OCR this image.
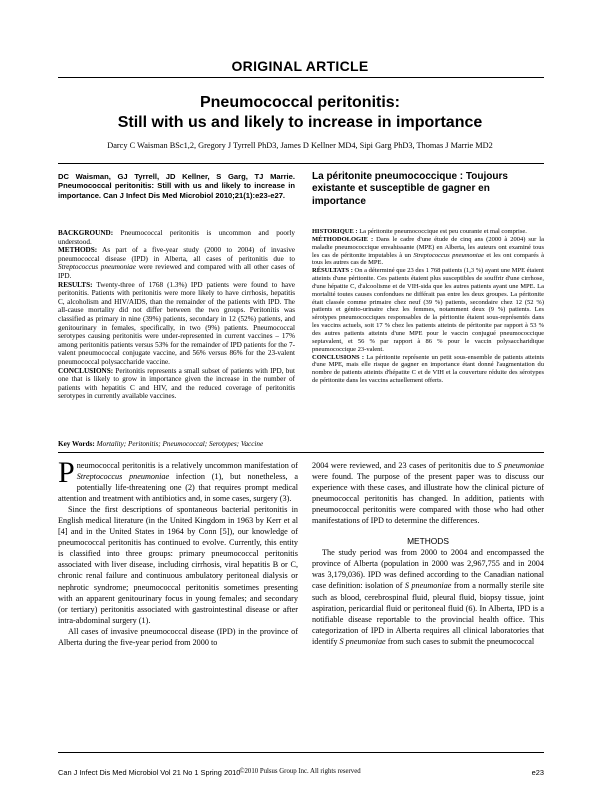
ORIGINAL ARTICLE
Pneumococcal peritonitis:
Still with us and likely to increase in importance
Darcy C Waisman BSc1,2, Gregory J Tyrrell PhD3, James D Kellner MD4, Sipi Garg PhD3, Thomas J Marrie MD2
DC Waisman, GJ Tyrrell, JD Kellner, S Garg, TJ Marrie. Pneumococcal peritonitis: Still with us and likely to increase in importance. Can J Infect Dis Med Microbiol 2010;21(1):e23-e27.
La péritonite pneumococcique : Toujours existante et susceptible de gagner en importance

BACKGROUND: Pneumococcal peritonitis is uncommon and poorly understood.

METHODS: As part of a five-year study (2000 to 2004) of invasive pneumococcal disease (IPD) in Alberta, all cases of peritonitis due to Streptococcus pneumoniae were reviewed and compared with all other cases of IPD.

RESULTS: Twenty-three of 1768 (1.3%) IPD patients were found to have peritonitis. Patients with peritonitis were more likely to have cirrhosis, hepatitis C, alcoholism and HIV/AIDS, than the remainder of the patients with IPD. The all-cause mortality did not differ between the two groups. Peritonitis was classified as primary in nine (39%) patients, secondary in 12 (52%) patients, and genitourinary in females, specifically, in two (9%) patients. Pneumococcal serotypes causing peritonitis were under-represented in current vaccines – 17% among peritonitis patients versus 53% for the remainder of IPD patients for the 7-valent pneumococcal conjugate vaccine, and 56% versus 86% for the 23-valent pneumococcal polysaccharide vaccine.

CONCLUSIONS: Peritonitis represents a small subset of patients with IPD, but one that is likely to grow in importance given the increase in the number of patients with hepatitis C and HIV, and the reduced coverage of peritonitis serotypes in currently available vaccines.

HISTORIQUE : La péritonite pneumococcique est peu courante et mal comprise.

MÉTHODOLOGIE : Dans le cadre d'une étude de cinq ans (2000 à 2004) sur la maladie pneumococcique envahissante (MPE) en Alberta, les auteurs ont examiné tous les cas de péritonite imputables à un Streptococcus pneumoniae et les ont comparés à tous les autres cas de MPE.

RÉSULTATS : On a déterminé que 23 des 1 768 patients (1,3 %) ayant une MPE étaient atteints d'une péritonite. Ces patients étaient plus susceptibles de souffrir d'une cirrhose, d'une hépatite C, d'alcoolisme et de VIH-sida que les autres patients ayant une MPE. La mortalité toutes causes confondues ne différait pas entre les deux groupes. La péritonite était classée comme primaire chez neuf (39 %) patients, secondaire chez 12 (52 %) patients et génito-urinaire chez les femmes, notamment deux (9 %) patients. Les sérotypes pneumococciques responsables de la péritonite étaient sous-représentés dans les vaccins actuels, soit 17 % chez les patients atteints de péritonite par rapport à 53 % des autres patients atteints d'une MPE pour le vaccin conjugué pneumococcique septavalent, et 56 % par rapport à 86 % pour le vaccin polysaccharidique pneumococcique 23-valent.

CONCLUSIONS : La péritonite représente un petit sous-ensemble de patients atteints d'une MPE, mais elle risque de gagner en importance étant donné l'augmentation du nombre de patients atteints d'hépatite C et de VIH et la couverture réduite des sérotypes de péritonite dans les vaccins actuellement offerts.

Key Words: Mortality; Peritonitis; Pneumococcal; Serotypes; Vaccine

Pneumococcal peritonitis is a relatively uncommon manifestation of Streptococcus pneumoniae infection (1), but nonetheless, a potentially life-threatening one (2) that requires prompt medical attention and treatment with antibiotics and, in some cases, surgery (3).

Since the first descriptions of spontaneous bacterial peritonitis in English medical literature (in the United Kingdom in 1963 by Kerr et al [4] and in the United States in 1964 by Conn [5]), our knowledge of pneumococcal peritonitis has continued to evolve. Currently, this entity is classified into three groups: primary pneumococcal peritonitis associated with liver disease, including cirrhosis, viral hepatitis B or C, chronic renal failure and continuous ambulatory peritoneal dialysis or nephrotic syndrome; pneumococcal peritonitis sometimes presenting with an apparent genitourinary focus in young females; and secondary (or tertiary) peritonitis associated with gastrointestinal disease or after intra-abdominal surgery (1).

All cases of invasive pneumococcal disease (IPD) in the province of Alberta during the five-year period from 2000 to

2004 were reviewed, and 23 cases of peritonitis due to S pneumoniae were found. The purpose of the present paper was to discuss our experience with these cases, and illustrate how the clinical picture of pneumococcal peritonitis has changed. In addition, patients with pneumococcal peritonitis were compared with those who had other manifestations of IPD to determine the differences.

METHODS

The study period was from 2000 to 2004 and encompassed the province of Alberta (population in 2000 was 2,967,755 and in 2004 was 3,179,036). IPD was defined according to the Canadian national case definition: isolation of S pneumoniae from a normally sterile site such as blood, cerebrospinal fluid, pleural fluid, biopsy tissue, joint aspiration, pericardial fluid or peritoneal fluid (6). In Alberta, IPD is a notifiable disease reportable to the provincial health office. This categorization of IPD in Alberta requires all clinical laboratories that identify S pneumoniae from such cases to submit the pneumococcal

Can J Infect Dis Med Microbiol Vol 21 No 1 Spring 2010
©2010 Pulsus Group Inc. All rights reserved	e23
